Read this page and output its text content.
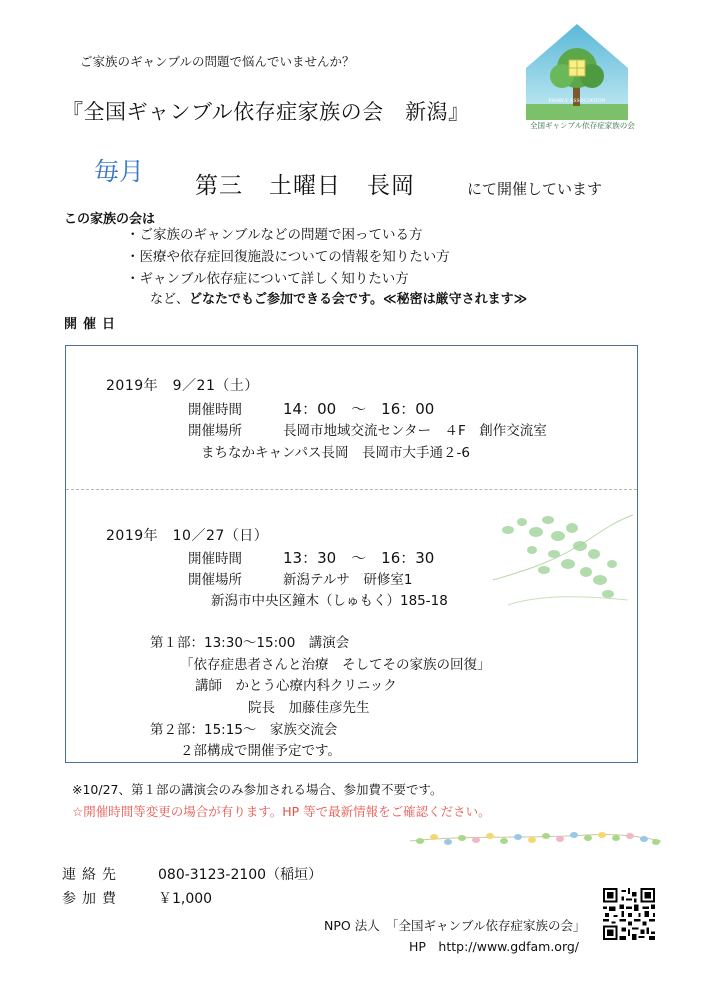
FAMILY ASSOCIATION
全国ギャンブル依存症家族の会
ご家族のギャンブルの問題で悩んでいませんか？
『全国ギャンブル依存症家族の会　新潟』
毎月 第三 土曜日 長岡	にて開催しています
この家族の会は
・ ご家族のギャンブルなどの問題で困っている方
・ 医療や依存症回復施設についての情報を知りたい方
・ ギャンブル依存症について詳しく知りたい方
など、どなたでもご参加できる会です。≪秘密は厳守されます≫
開催日
2019年　9／21（土）
開催時間	14：00　～　16：00
開催場所	長岡市地域交流センター　４F　創作交流室
まちなかキャンパス長岡　長岡市大手通２-6
2019年　10／27（日）
開催時間	13：30　～　16：30
開催場所	新潟テルサ　研修室1
新潟市中央区鐘木（しゅもく）185-18
第１部：13:30～15:00　講演会
「依存症患者さんと治療　そしてその家族の回復」
講師　かとう心療内科クリニック
院長　加藤佳彦先生
第２部：15:15～　家族交流会
２部構成で開催予定です。
※10/27、第１部の講演会のみ参加される場合、参加費不要です。
☆開催時間等変更の場合が有ります。HP 等で最新情報をご確認ください。
連絡先	080-3123-2100（稲垣）
参加費	￥1,000
NPO 法人　「全国ギャンブル依存症家族の会」
HP　http://www.gdfam.org/
